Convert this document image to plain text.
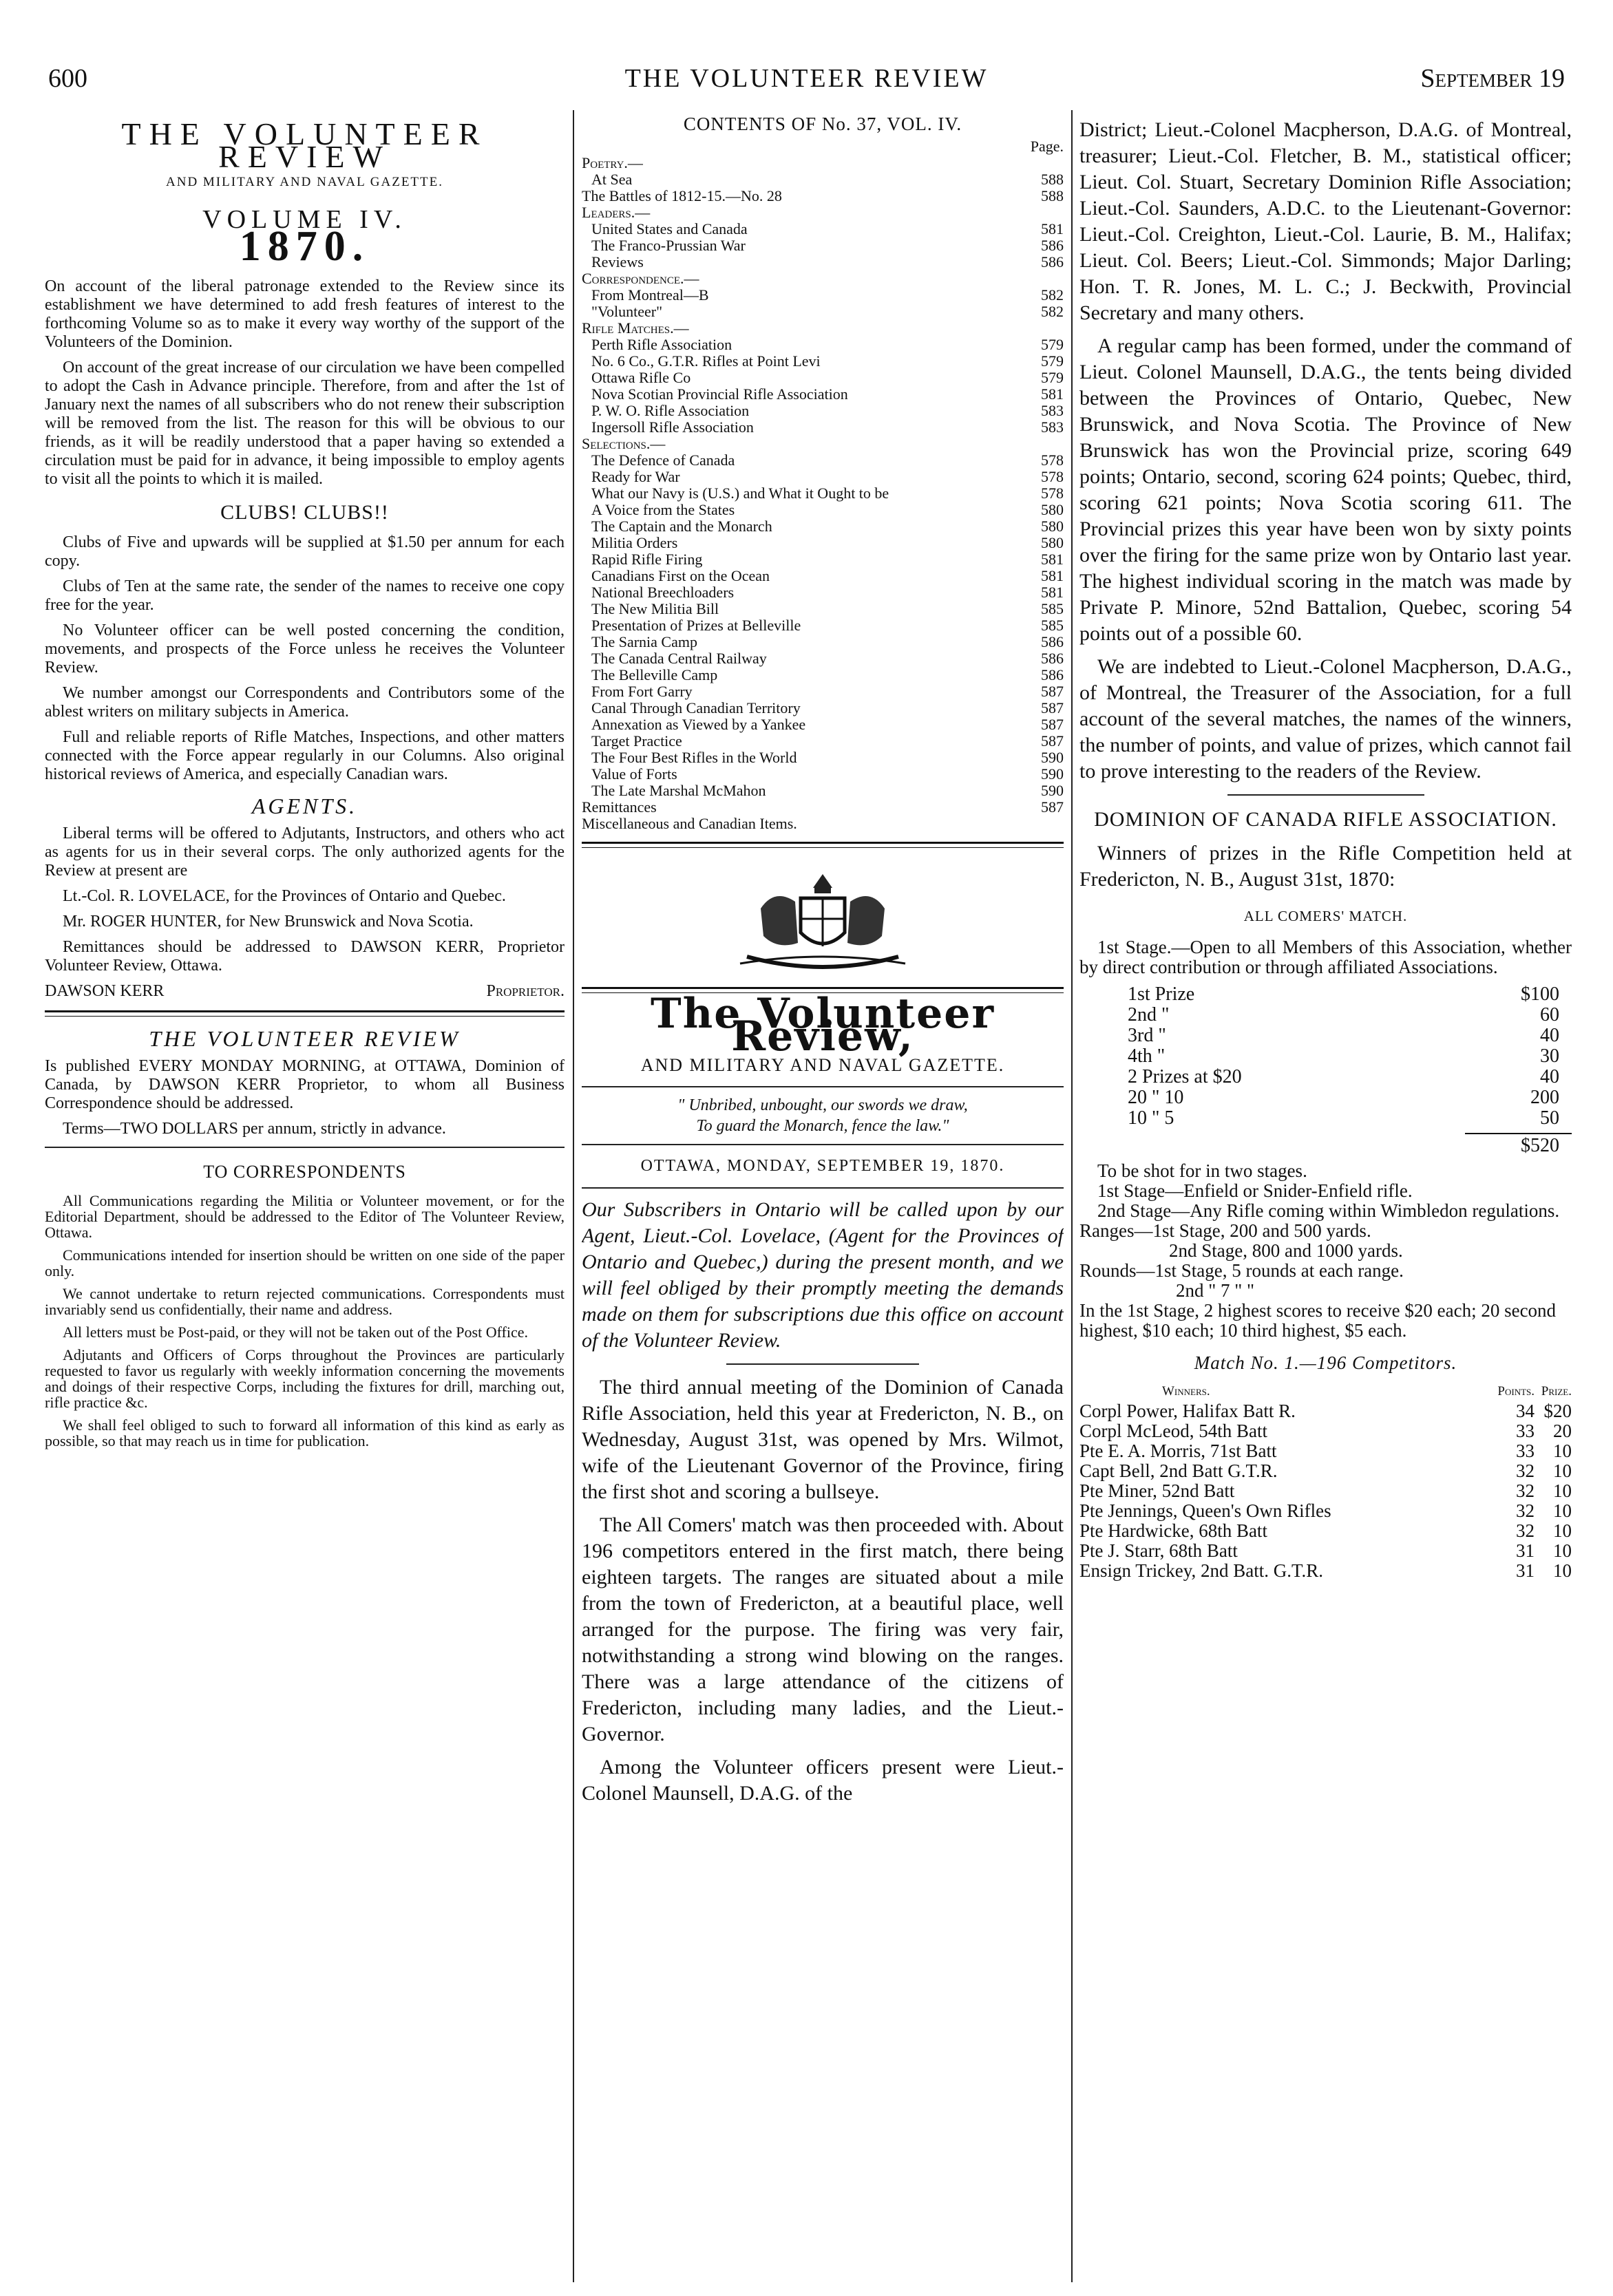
600	THE VOLUNTEER REVIEW	September 19
THE VOLUNTEER REVIEW
AND MILITARY AND NAVAL GAZETTE.
VOLUME IV.
1870.

On account of the liberal patronage extended to the Review since its establishment we have determined to add fresh features of interest to the forthcoming Volume so as to make it every way worthy of the support of the Volunteers of the Dominion.

On account of the great increase of our circulation we have been compelled to adopt the Cash in Advance principle. Therefore, from and after the 1st of January next the names of all subscribers who do not renew their subscription will be removed from the list. The reason for this will be obvious to our friends, as it will be readily understood that a paper having so extended a circulation must be paid for in advance, it being impossible to employ agents to visit all the points to which it is mailed.

CLUBS! CLUBS!!

Clubs of Five and upwards will be supplied at $1.50 per annum for each copy.

Clubs of Ten at the same rate, the sender of the names to receive one copy free for the year.

No Volunteer officer can be well posted concerning the condition, movements, and prospects of the Force unless he receives the Volunteer Review.

We number amongst our Correspondents and Contributors some of the ablest writers on military subjects in America.

Full and reliable reports of Rifle Matches, Inspections, and other matters connected with the Force appear regularly in our Columns. Also original historical reviews of America, and especially Canadian wars.

AGENTS.

Liberal terms will be offered to Adjutants, Instructors, and others who act as agents for us in their several corps. The only authorized agents for the Review at present are

Lt.-Col. R. LOVELACE, for the Provinces of Ontario and Quebec.

Mr. ROGER HUNTER, for New Brunswick and Nova Scotia.

Remittances should be addressed to DAWSON KERR, Proprietor Volunteer Review, Ottawa.

DAWSON KERR	Proprietor.
THE VOLUNTEER REVIEW

Is published EVERY MONDAY MORNING, at OTTAWA, Dominion of Canada, by DAWSON KERR Proprietor, to whom all Business Correspondence should be addressed.

Terms—TWO DOLLARS per annum, strictly in advance.

TO CORRESPONDENTS

All Communications regarding the Militia or Volunteer movement, or for the Editorial Department, should be addressed to the Editor of The Volunteer Review, Ottawa.

Communications intended for insertion should be written on one side of the paper only.

We cannot undertake to return rejected communications. Correspondents must invariably send us confidentially, their name and address.

All letters must be Post-paid, or they will not be taken out of the Post Office.

Adjutants and Officers of Corps throughout the Provinces are particularly requested to favor us regularly with weekly information concerning the movements and doings of their respective Corps, including the fixtures for drill, marching out, rifle practice &c.

We shall feel obliged to such to forward all information of this kind as early as possible, so that may reach us in time for publication.

CONTENTS OF No. 37, VOL. IV.
Page.
Poetry.—
At Sea	588
The Battles of 1812-15.—No. 28	588
Leaders.—
United States and Canada	581
The Franco-Prussian War	586
Reviews	586
Correspondence.—
From Montreal—B	582
"Volunteer"	582
Rifle Matches.—
Perth Rifle Association	579
No. 6 Co., G.T.R. Rifles at Point Levi	579
Ottawa Rifle Co	579
Nova Scotian Provincial Rifle Association	581
P. W. O. Rifle Association	583
Ingersoll Rifle Association	583
Selections.—
The Defence of Canada	578
Ready for War	578
What our Navy is (U.S.) and What it Ought to be	578
A Voice from the States	580
The Captain and the Monarch	580
Militia Orders	580
Rapid Rifle Firing	581
Canadians First on the Ocean	581
National Breechloaders	581
The New Militia Bill	585
Presentation of Prizes at Belleville	585
The Sarnia Camp	586
The Canada Central Railway	586
The Belleville Camp	586
From Fort Garry	587
Canal Through Canadian Territory	587
Annexation as Viewed by a Yankee	587
Target Practice	587
The Four Best Rifles in the World	590
Value of Forts	590
The Late Marshal McMahon	590
Remittances	587
Miscellaneous and Canadian Items.
The Volunteer Review,
AND MILITARY AND NAVAL GAZETTE.
" Unbribed, unbought, our swords we draw,
To guard the Monarch, fence the law."
OTTAWA, MONDAY, SEPTEMBER 19, 1870.

Our Subscribers in Ontario will be called upon by our Agent, Lieut.-Col. Lovelace, (Agent for the Provinces of Ontario and Quebec,) during the present month, and we will feel obliged by their promptly meeting the demands made on them for subscriptions due this office on account of the Volunteer Review.

The third annual meeting of the Dominion of Canada Rifle Association, held this year at Fredericton, N. B., on Wednesday, August 31st, was opened by Mrs. Wilmot, wife of the Lieutenant Governor of the Province, firing the first shot and scoring a bullseye.

The All Comers' match was then proceeded with. About 196 competitors entered in the first match, there being eighteen targets. The ranges are situated about a mile from the town of Fredericton, at a beautiful place, well arranged for the purpose. The firing was very fair, notwithstanding a strong wind blowing on the ranges. There was a large attendance of the citizens of Fredericton, including many ladies, and the Lieut.-Governor.

Among the Volunteer officers present were Lieut.-Colonel Maunsell, D.A.G. of the

District; Lieut.-Colonel Macpherson, D.A.G. of Montreal, treasurer; Lieut.-Col. Fletcher, B. M., statistical officer; Lieut. Col. Stuart, Secretary Dominion Rifle Association; Lieut.-Col. Saunders, A.D.C. to the Lieutenant-Governor: Lieut.-Col. Creighton, Lieut.-Col. Laurie, B. M., Halifax; Lieut. Col. Beers; Lieut.-Col. Simmonds; Major Darling; Hon. T. R. Jones, M. L. C.; J. Beckwith, Provincial Secretary and many others.

A regular camp has been formed, under the command of Lieut. Colonel Maunsell, D.A.G., the tents being divided between the Provinces of Ontario, Quebec, New Brunswick, and Nova Scotia. The Province of New Brunswick has won the Provincial prize, scoring 649 points; Ontario, second, scoring 624 points; Quebec, third, scoring 621 points; Nova Scotia scoring 611. The Provincial prizes this year have been won by sixty points over the firing for the same prize won by Ontario last year. The highest individual scoring in the match was made by Private P. Minore, 52nd Battalion, Quebec, scoring 54 points out of a possible 60.

We are indebted to Lieut.-Colonel Macpherson, D.A.G., of Montreal, the Treasurer of the Association, for a full account of the several matches, the names of the winners, the number of points, and value of prizes, which cannot fail to prove interesting to the readers of the Review.

DOMINION OF CANADA RIFLE ASSOCIATION.

Winners of prizes in the Rifle Competition held at Fredericton, N. B., August 31st, 1870:

ALL COMERS' MATCH.

1st Stage.—Open to all Members of this Association, whether by direct contribution or through affiliated Associations.

1st Prize	$100
2nd "	60
3rd "	40
4th "	30
2 Prizes at $20	40
20 " 10	200
10 " 5	50
$520
To be shot for in two stages.
1st Stage—Enfield or Snider-Enfield rifle.
2nd Stage—Any Rifle coming within Wimbledon regulations.
Ranges—1st Stage, 200 and 500 yards.
2nd Stage, 800 and 1000 yards.
Rounds—1st Stage, 5 rounds at each range.
2nd " 7 " "
In the 1st Stage, 2 highest scores to receive $20 each; 20 second highest, $10 each; 10 third highest, $5 each.
Match No. 1.—196 Competitors.
Winners.	Points. Prize.
Corpl Power, Halifax Batt R.	34 $20
Corpl McLeod, 54th Batt	33	20
Pte E. A. Morris, 71st Batt	33	10
Capt Bell, 2nd Batt G.T.R.	32	10
Pte Miner, 52nd Batt	32	10
Pte Jennings, Queen's Own Rifles	32	10
Pte Hardwicke, 68th Batt	32	10
Pte J. Starr, 68th Batt	31	10
Ensign Trickey, 2nd Batt. G.T.R.	31	10
